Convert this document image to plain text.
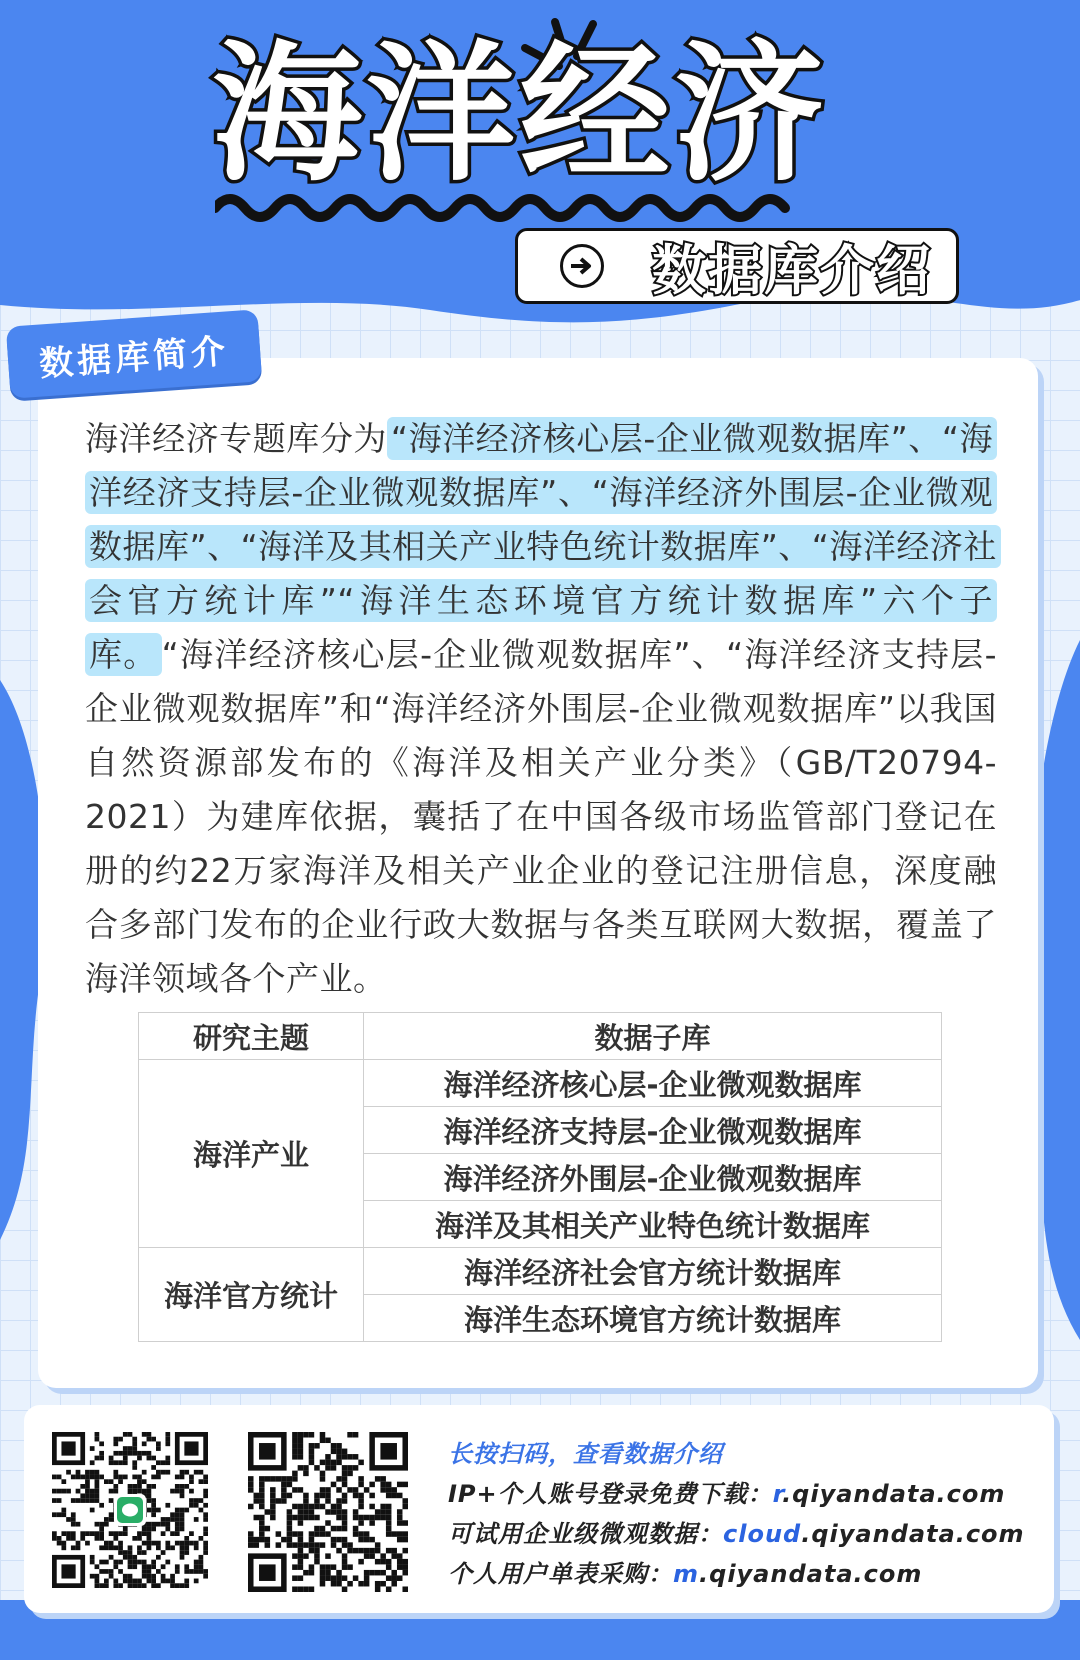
海洋经济
数据库介绍
数据库简介
海洋经济专题库分为 “海洋经济核心层-企业微观数据库”、“海洋经济支持层-企业微观数据库”、“海洋经济外围层-企业微观数据库”、“海洋及其相关产业特色统计数据库”、“海洋经济社会官方统计库”“海洋生态环境官方统计数据库”六个子库。 “海洋经济核心层-企业微观数据库”、“海洋经济支持层-企业微观数据库”和“海洋经济外围层-企业微观数据库”以我国自然资源部发布的《海洋及相关产业分类》（GB/T20794-2021）为建库依据，囊括了在中国各级市场监管部门登记在册的约22万家海洋及相关产业企业的登记注册信息，深度融合多部门发布的企业行政大数据与各类互联网大数据，覆盖了海洋领域各个产业。
研究主题	数据子库
海洋产业	海洋经济核心层-企业微观数据库
	海洋经济支持层-企业微观数据库
	海洋经济外围层-企业微观数据库
	海洋及其相关产业特色统计数据库
海洋官方统计	海洋经济社会官方统计数据库
	海洋生态环境官方统计数据库
长按扫码，查看数据介绍
IP+个人账号登录免费下载：r.qiyandata.com
可试用企业级微观数据：cloud.qiyandata.com
个人用户单表采购：m.qiyandata.com
